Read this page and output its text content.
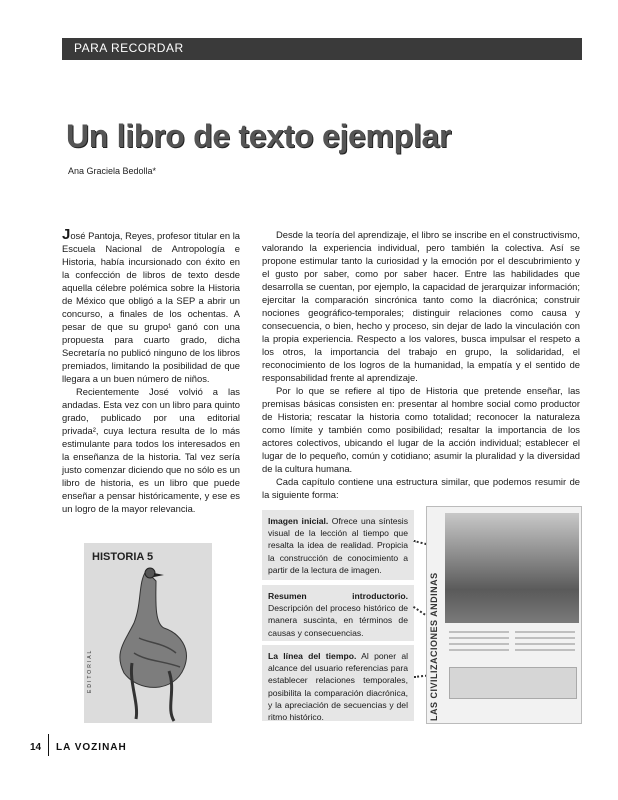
PARA RECORDAR
Un libro de texto ejemplar
Ana Graciela Bedolla*

José Pantoja, Reyes, profesor titular en la Escuela Nacional de Antropología e Historia, había incursionado con éxito en la confección de libros de texto desde aquella célebre polémica sobre la Historia de México que obligó a la SEP a abrir un concurso, a finales de los ochentas. A pesar de que su grupo¹ ganó con una propuesta para cuarto grado, dicha Secretaría no publicó ninguno de los libros premiados, limitando la posibilidad de que llegara a un buen número de niños.

Recientemente José volvió a las andadas. Esta vez con un libro para quinto grado, publicado por una editorial privada², cuya lectura resulta de lo más estimulante para todos los interesados en la enseñanza de la historia. Tal vez sería justo comenzar diciendo que no sólo es un libro de historia, es un libro que puede enseñar a pensar históricamente, y ese es un logro de la mayor relevancia.

Desde la teoría del aprendizaje, el libro se inscribe en el constructivismo, valorando la experiencia individual, pero también la colectiva. Así se propone estimular tanto la curiosidad y la emoción por el descubrimiento y el gusto por saber, como por saber hacer. Entre las habilidades que desarrolla se cuentan, por ejemplo, la capacidad de jerarquizar información; ejercitar la comparación sincrónica tanto como la diacrónica; construir nociones geográfico-temporales; distinguir relaciones como causa y consecuencia, o bien, hecho y proceso, sin dejar de lado la vinculación con la propia experiencia. Respecto a los valores, busca impulsar el respeto a los otros, la importancia del trabajo en grupo, la solidaridad, el reconocimiento de los logros de la humanidad, la empatía y el sentido de responsabilidad frente al aprendizaje.

Por lo que se refiere al tipo de Historia que pretende enseñar, las premisas básicas consisten en: presentar al hombre social como productor de Historia; rescatar la historia como totalidad; reconocer la naturaleza como límite y también como posibilidad; resaltar la importancia de los actores colectivos, ubicando el lugar de la acción individual; establecer el lugar de lo pequeño, común y cotidiano; asumir la pluralidad y la diversidad de la cultura humana.

Cada capítulo contiene una estructura similar, que podemos resumir de la siguiente forma:

HISTORIA 5
EDITORIAL
Imagen inicial. Ofrece una síntesis visual de la lección al tiempo que resalta la idea de realidad. Propicia la construcción de conocimiento a partir de la lectura de imagen.
Resumen introductorio. Descripción del proceso histórico de manera suscinta, en términos de causas y consecuencias.
La línea del tiempo. Al poner al alcance del usuario referencias para establecer relaciones temporales, posibilita la comparación diacrónica, y la apreciación de secuencias y del ritmo histórico.	LAS CIVILIZACIONES ANDINAS
14 LA VOZINAH
